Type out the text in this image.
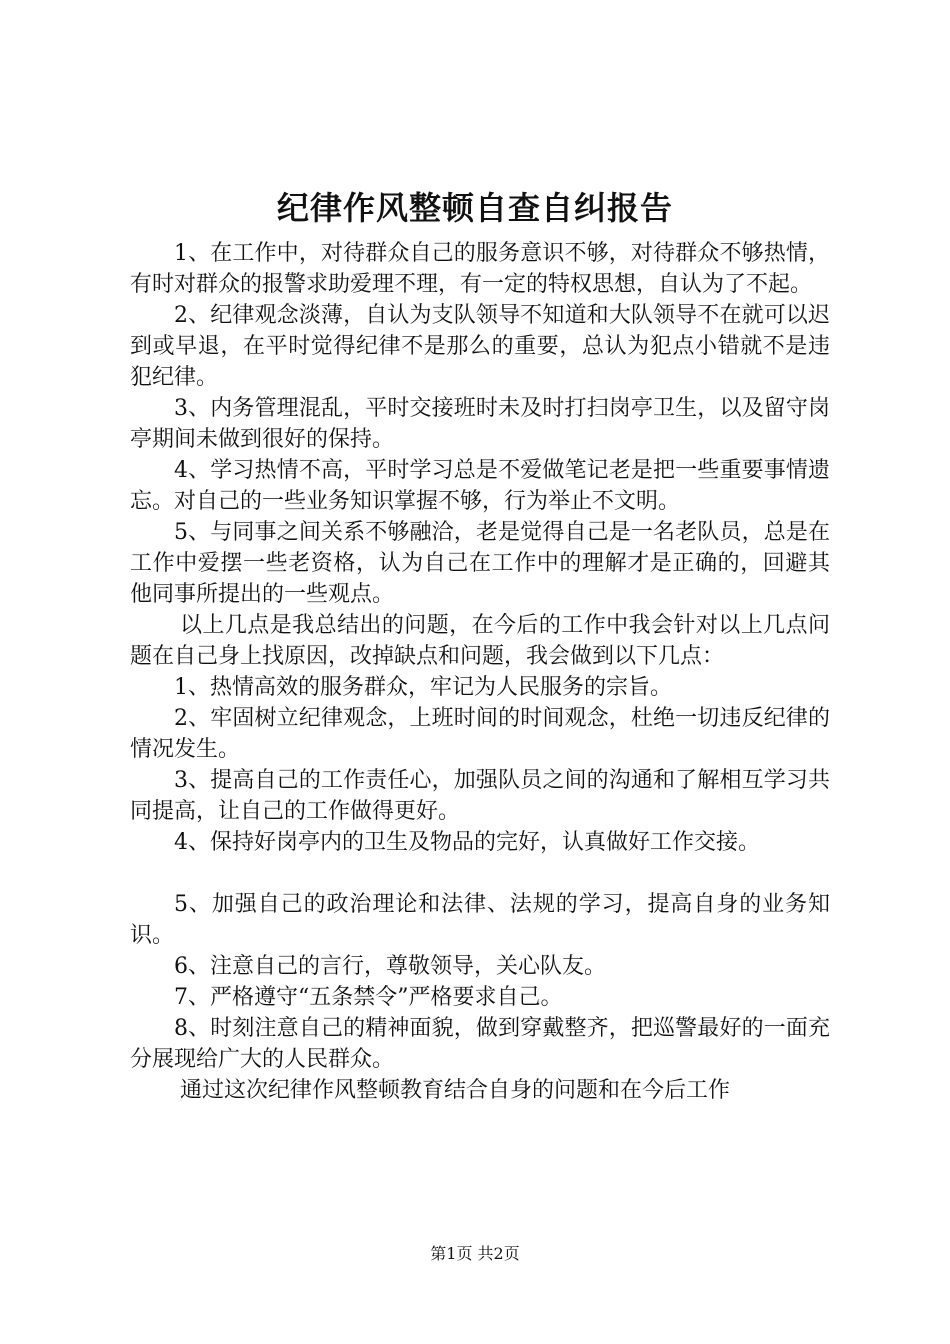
纪律作风整顿自查自纠报告

1、在工作中，对待群众自己的服务意识不够，对待群众不够热情，有时对群众的报警求助爱理不理，有一定的特权思想，自认为了不起。

2、纪律观念淡薄，自认为支队领导不知道和大队领导不在就可以迟到或早退，在平时觉得纪律不是那么的重要，总认为犯点小错就不是违犯纪律。

3、内务管理混乱，平时交接班时未及时打扫岗亭卫生，以及留守岗亭期间未做到很好的保持。

4、学习热情不高，平时学习总是不爱做笔记老是把一些重要事情遗忘。对自己的一些业务知识掌握不够，行为举止不文明。

5、与同事之间关系不够融洽，老是觉得自己是一名老队员，总是在工作中爱摆一些老资格，认为自己在工作中的理解才是正确的，回避其他同事所提出的一些观点。

以上几点是我总结出的问题，在今后的工作中我会针对以上几点问题在自己身上找原因，改掉缺点和问题，我会做到以下几点：

1、热情高效的服务群众，牢记为人民服务的宗旨。

2、牢固树立纪律观念，上班时间的时间观念，杜绝一切违反纪律的情况发生。

3、提高自己的工作责任心，加强队员之间的沟通和了解相互学习共同提高，让自己的工作做得更好。

4、保持好岗亭内的卫生及物品的完好，认真做好工作交接。

5、加强自己的政治理论和法律、法规的学习，提高自身的业务知识。

6、注意自己的言行，尊敬领导，关心队友。

7、严格遵守“五条禁令”严格要求自己。

8、时刻注意自己的精神面貌，做到穿戴整齐，把巡警最好的一面充分展现给广大的人民群众。

通过这次纪律作风整顿教育结合自身的问题和在今后工作

第1页 共2页
